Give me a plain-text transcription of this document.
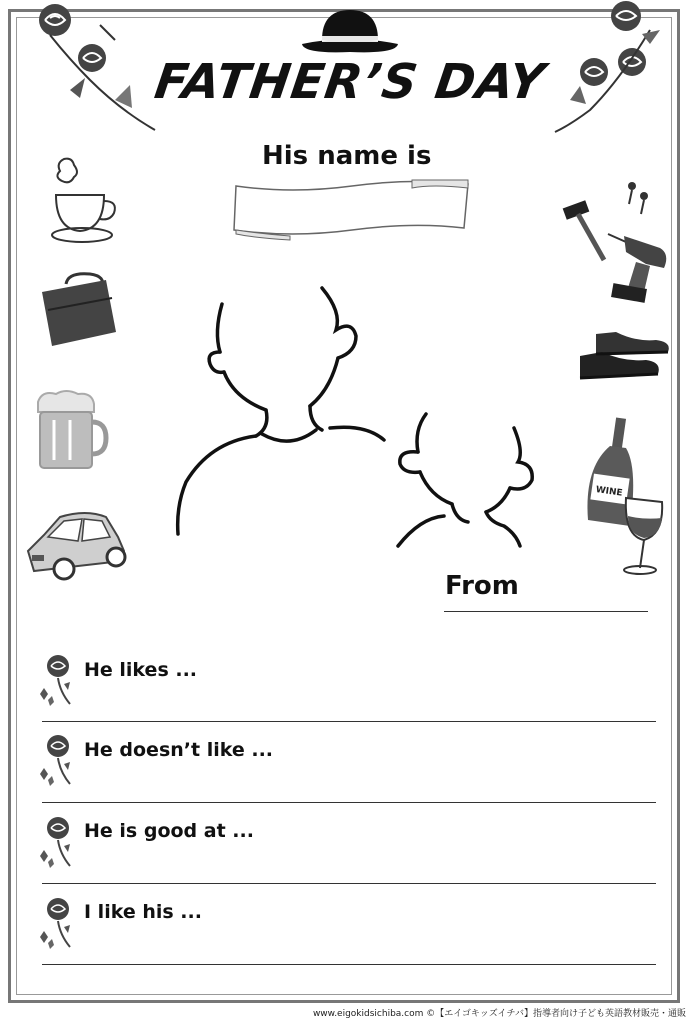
FATHER’S DAY

His name is

WINE

From

He likes ...

He doesn’t like ...

He is good at ...

I like his ...

www.eigokidsichiba.com ©【エイゴキッズイチバ】指導者向け子ども英語教材販売・通販
